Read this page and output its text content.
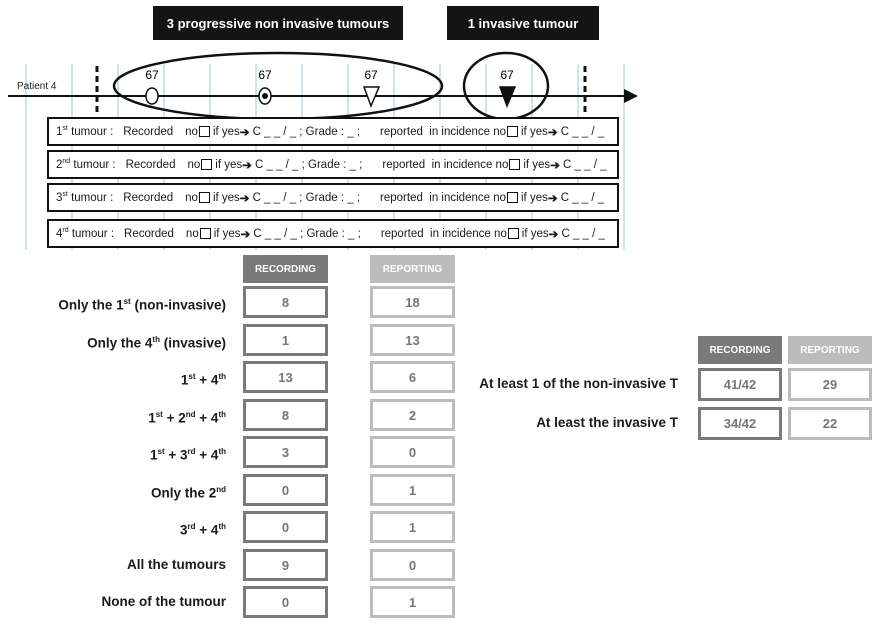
3 progressive non invasive tumours	1 invasive tumour
Patient 4
67	67	67	67
1st
tumour
: Recorded no if yes ➔
C _ _ / _
; Grade : _ ; reported
in incidence
no if yes ➔
C _ _ / _
2nd
tumour
: Recorded no if yes ➔
C _ _ / _
; Grade : _ ; reported
in incidence
no if yes ➔
C _ _ / _
3st
tumour
: Recorded no if yes ➔
C _ _ / _
; Grade : _ ; reported
in incidence
no if yes ➔
C _ _ / _
4rd
tumour
: Recorded no if yes ➔
C _ _ / _
; Grade : _ ; reported
in incidence
no if yes ➔
C _ _ / _
RECORDING	REPORTING
Only the 1st (non-invasive)	8	18
Only the 4th (invasive)	1	13
1st + 4th	13	6
1st + 2nd + 4th	8	2
1st + 3rd + 4th	3	0
Only the 2nd	0	1
3rd + 4th	0	1
All the tumours	9	0
None of the tumour	0	1
RECORDING	REPORTING
At least 1 of the non-invasive T	41/42	29
At least the invasive T	34/42	22
